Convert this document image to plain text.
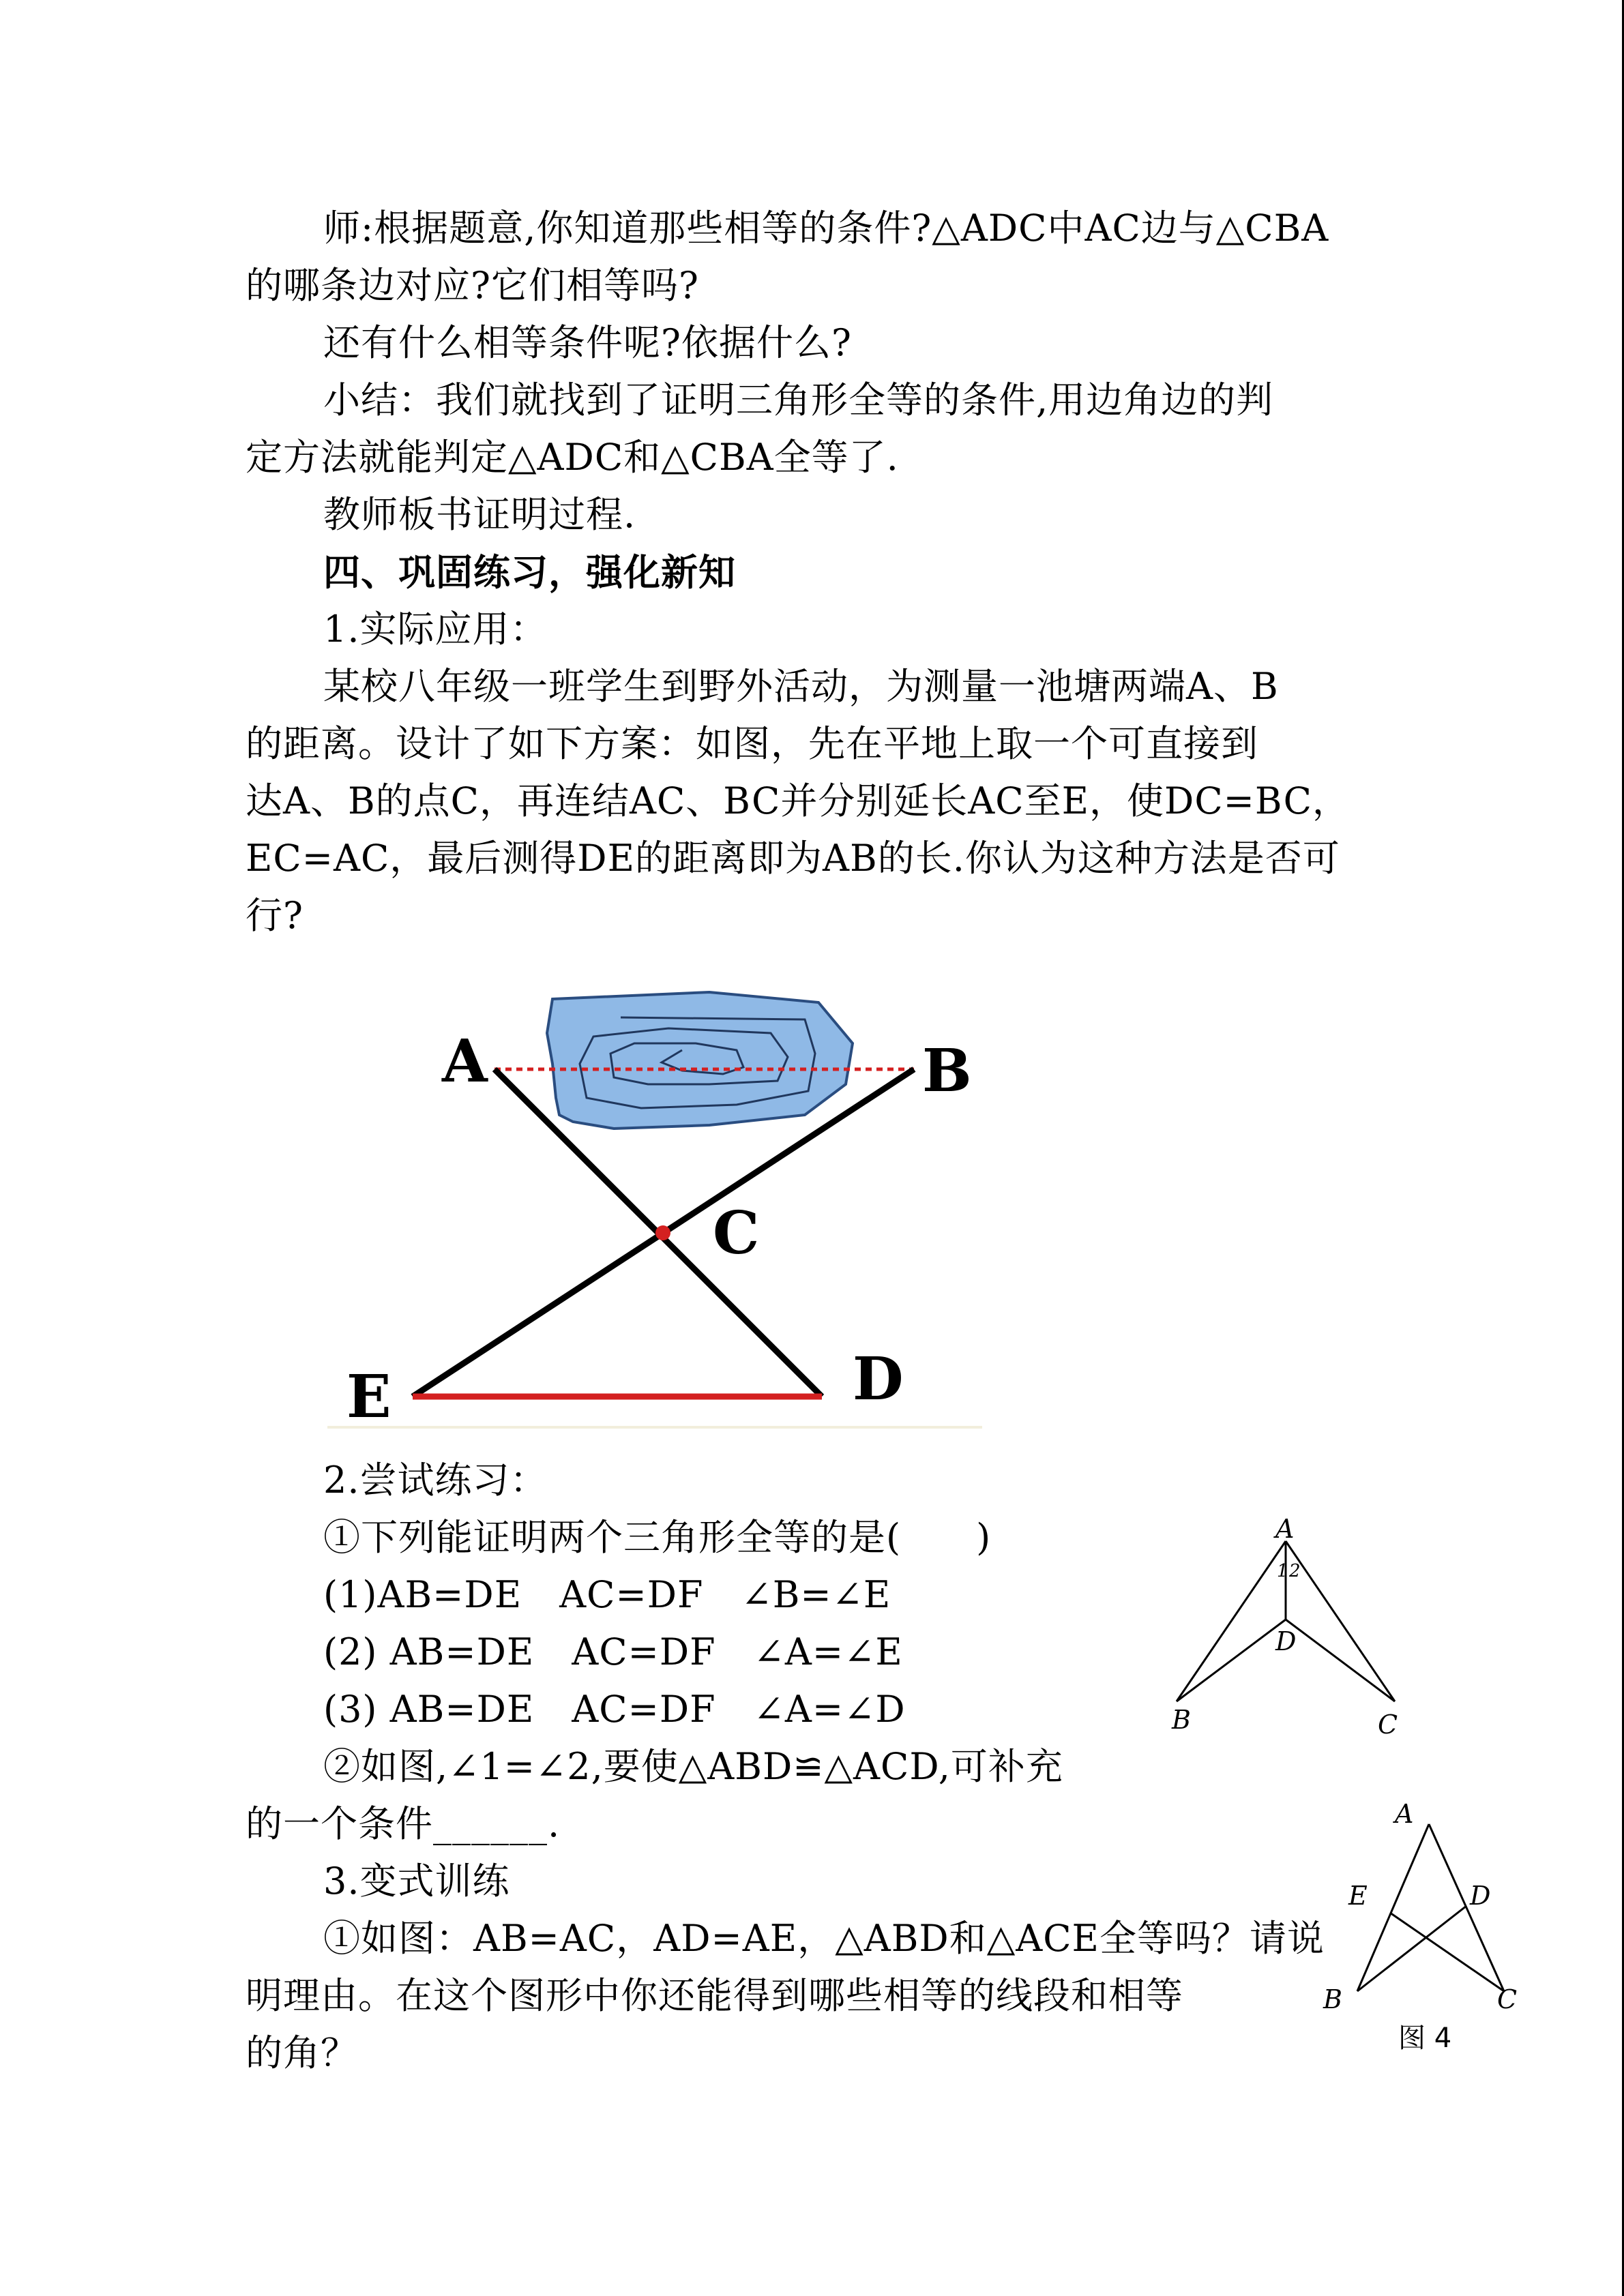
师:根据题意,你知道那些相等的条件?△ADC中AC边与△CBA
的哪条边对应?它们相等吗?
还有什么相等条件呢?依据什么?
小结：我们就找到了证明三角形全等的条件,用边角边的判
定方法就能判定△ADC和△CBA全等了.
教师板书证明过程.
四、巩固练习，强化新知
1.实际应用：
某校八年级一班学生到野外活动，为测量一池塘两端A、B
的距离。设计了如下方案：如图，先在平地上取一个可直接到
达A、B的点C，再连结AC、BC并分别延长AC至E，使DC=BC，
EC=AC，最后测得DE的距离即为AB的长.你认为这种方法是否可
行?
A	B
C
D
E
2.尝试练习：
①下列能证明两个三角形全等的是(　　)
(1)AB=DE　AC=DF　∠B=∠E
(2) AB=DE　AC=DF　∠A=∠E
(3) AB=DE　AC=DF　∠A=∠D
②如图,∠1=∠2,要使△ABD≌△ACD,可补充
的一个条件______.
A
1 2
D
B	C
3.变式训练
①如图：AB=AC，AD=AE，△ABD和△ACE全等吗？请说
明理由。在这个图形中你还能得到哪些相等的线段和相等
的角？
A
E	D
B	C
图 4
